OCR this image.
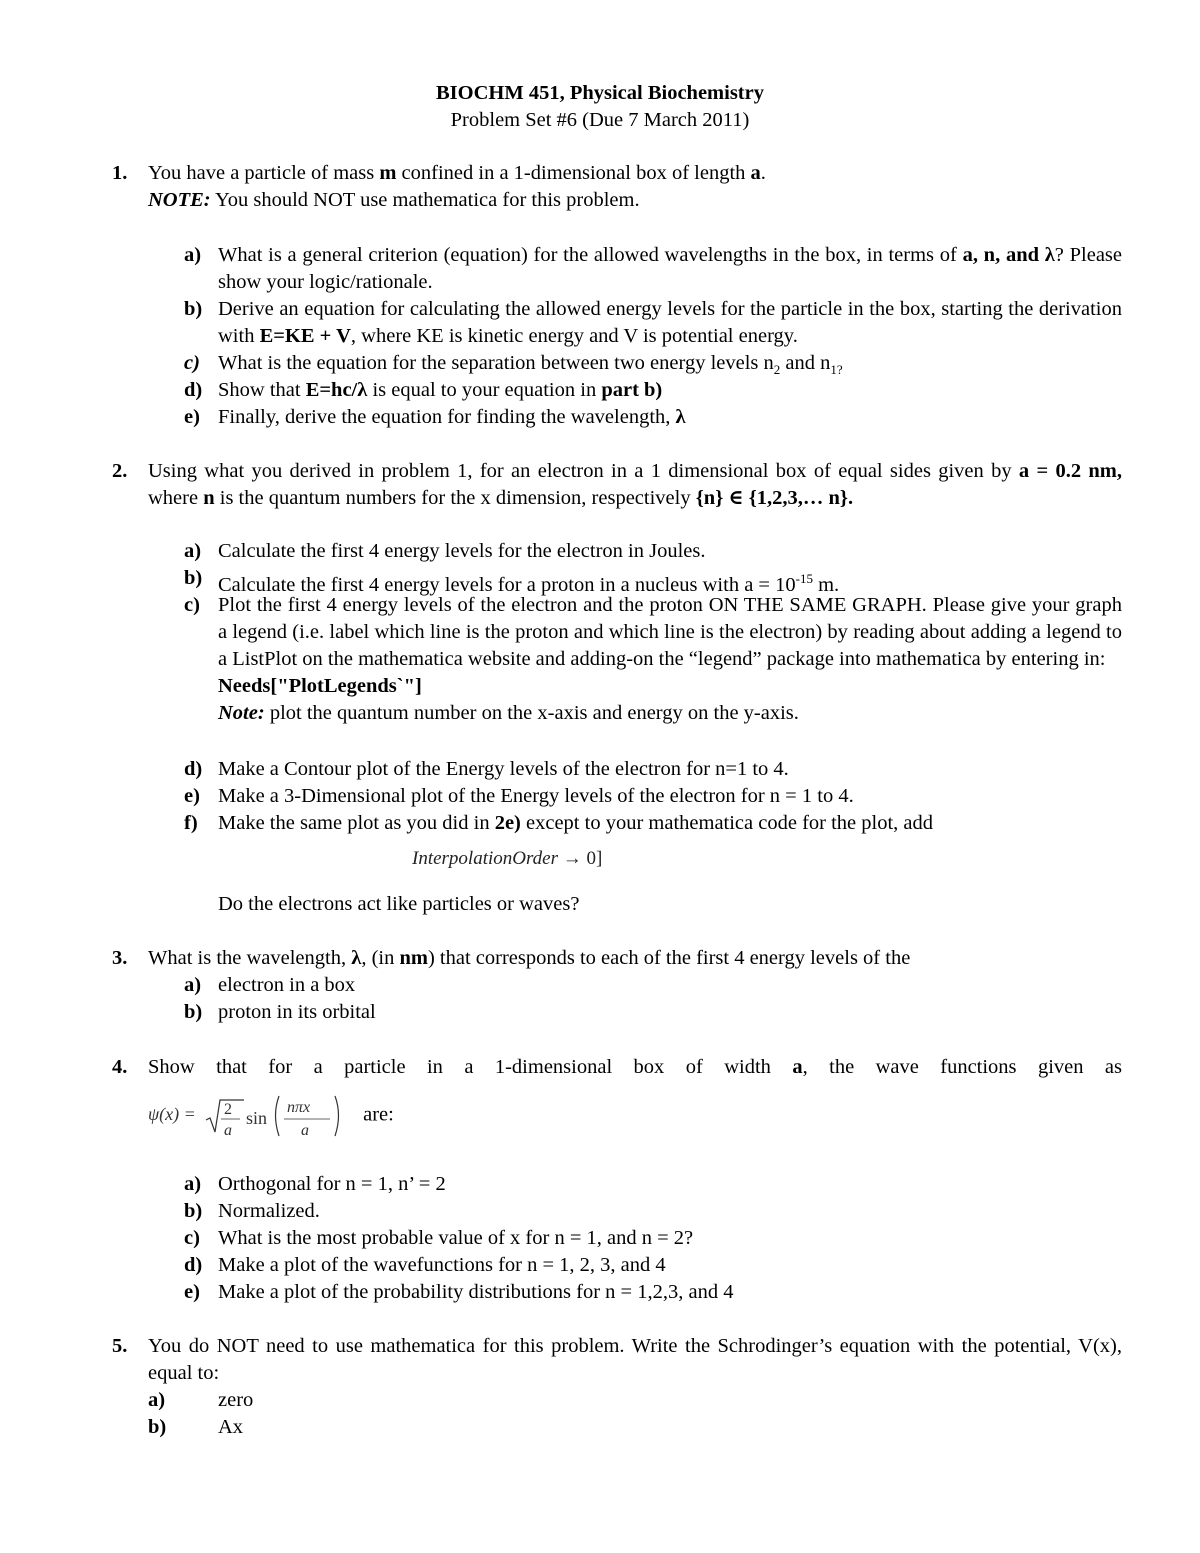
BIOCHM 451, Physical Biochemistry
Problem Set #6 (Due 7 March 2011)
1.	You have a particle of mass m confined in a 1-dimensional box of length a.
NOTE: You should NOT use mathematica for this problem.
a) What is a general criterion (equation) for the allowed wavelengths in the box, in terms of a, n, and λ? Please show your logic/rationale.
b) Derive an equation for calculating the allowed energy levels for the particle in the box, starting the derivation with E=KE + V, where KE is kinetic energy and V is potential energy.
c) What is the equation for the separation between two energy levels $n_2$ and $n_{1?}$
d) Show that E=hc/λ is equal to your equation in part b)
e) Finally, derive the equation for finding the wavelength, λ
2.	Using what you derived in problem 1, for an electron in a 1 dimensional box of equal sides given by a = 0.2 nm, where n is the quantum numbers for the x dimension, respectively {n} ∈ {1,2,3,… n}.
a) Calculate the first 4 energy levels for the electron in Joules.
b) Calculate the first 4 energy levels for a proton in a nucleus with $a = 10^{-15}$ m.
c) Plot the first 4 energy levels of the electron and the proton ON THE SAME GRAPH. Please give your graph a legend (i.e. label which line is the proton and which line is the electron) by reading about adding a legend to a ListPlot on the mathematica website and adding-on the “legend” package into mathematica by entering in:
Needs["PlotLegends`"]
Note: plot the quantum number on the x-axis and energy on the y-axis.
d) Make a Contour plot of the Energy levels of the electron for n=1 to 4.
e) Make a 3-Dimensional plot of the Energy levels of the electron for n = 1 to 4.
f) Make the same plot as you did in 2e) except to your mathematica code for the plot, add
InterpolationOrder → 0]
Do the electrons act like particles or waves?
3.	What is the wavelength, λ, (in nm) that corresponds to each of the first 4 energy levels of the
a) electron in a box
b) proton in its orbital
4.	Show that for a particle in a 1-dimensional box of width a, the wave functions given as
ψ(x) = 2
a
sin
nπx
a
are:
a) Orthogonal for n = 1, n’ = 2
b) Normalized.
c) What is the most probable value of x for n = 1, and n = 2?
d) Make a plot of the wavefunctions for n = 1, 2, 3, and 4
e) Make a plot of the probability distributions for n = 1,2,3, and 4
5.	You do NOT need to use mathematica for this problem. Write the Schrodinger’s equation with the potential, V(x), equal to:
a)	zero
b)	Ax
